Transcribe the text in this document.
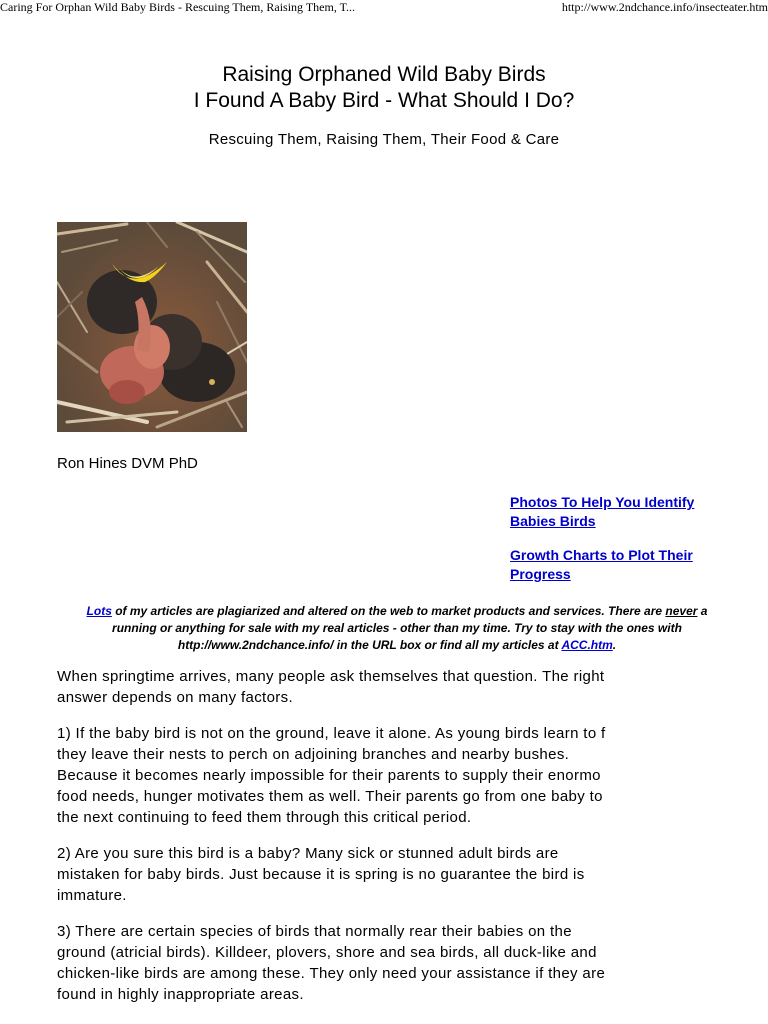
Caring For Orphan Wild Baby Birds - Rescuing Them, Raising Them, T...	http://www.2ndchance.info/insecteater.htm
Raising Orphaned Wild Baby Birds
I Found A Baby Bird - What Should I Do?
Rescuing Them, Raising Them, Their Food & Care
Ron Hines DVM PhD
Photos To Help You Identify
Babies Birds
Growth Charts to Plot Their
Progress
Lots of my articles are plagiarized and altered on the web to market products and services. There are never a
running or anything for sale with my real articles - other than my time. Try to stay with the ones with
http://www.2ndchance.info/ in the URL box or find all my articles at ACC.htm.

When springtime arrives, many people ask themselves that question. The right
answer depends on many factors.

1) If the baby bird is not on the ground, leave it alone. As young birds learn to f
they leave their nests to perch on adjoining branches and nearby bushes.
Because it becomes nearly impossible for their parents to supply their enormo
food needs, hunger motivates them as well. Their parents go from one baby to
the next continuing to feed them through this critical period.

2) Are you sure this bird is a baby? Many sick or stunned adult birds are
mistaken for baby birds. Just because it is spring is no guarantee the bird is
immature.

3) There are certain species of birds that normally rear their babies on the
ground (atricial birds). Killdeer, plovers, shore and sea birds, all duck-like and
chicken-like birds are among these. They only need your assistance if they are
found in highly inappropriate areas.
